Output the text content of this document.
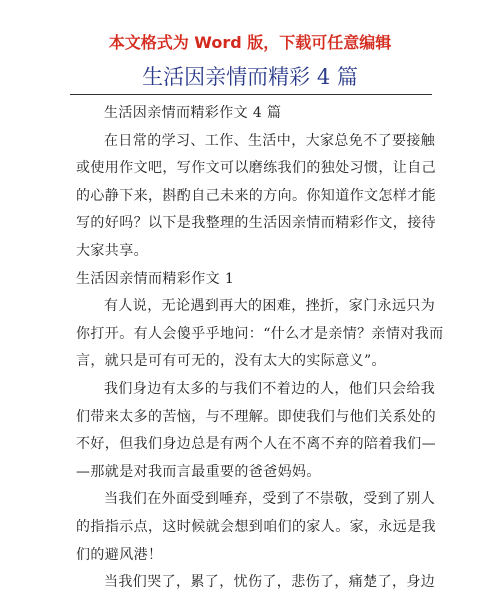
本文格式为 Word 版，下载可任意编辑
生活因亲情而精彩 4 篇
生活因亲情而精彩作文 4 篇
在日常的学习、工作、生活中，大家总免不了要接触
或使用作文吧，写作文可以磨练我们的独处习惯，让自己
的心静下来，斟酌自己未来的方向。你知道作文怎样才能
写的好吗？以下是我整理的生活因亲情而精彩作文，接待
大家共享。
生活因亲情而精彩作文 1
有人说，无论遇到再大的困难，挫折，家门永远只为
你打开。有人会傻乎乎地问：“什么才是亲情？亲情对我而
言，就只是可有可无的，没有太大的实际意义”。
我们身边有太多的与我们不着边的人，他们只会给我
们带来太多的苦恼，与不理解。即使我们与他们关系处的
不好，但我们身边总是有两个人在不离不弃的陪着我们—
—那就是对我而言最重要的爸爸妈妈。
当我们在外面受到唾弃，受到了不崇敬，受到了别人
的指指示点，这时候就会想到咱们的家人。家，永远是我
们的避风港！
当我们哭了，累了，忧伤了，悲伤了，痛楚了，身边
